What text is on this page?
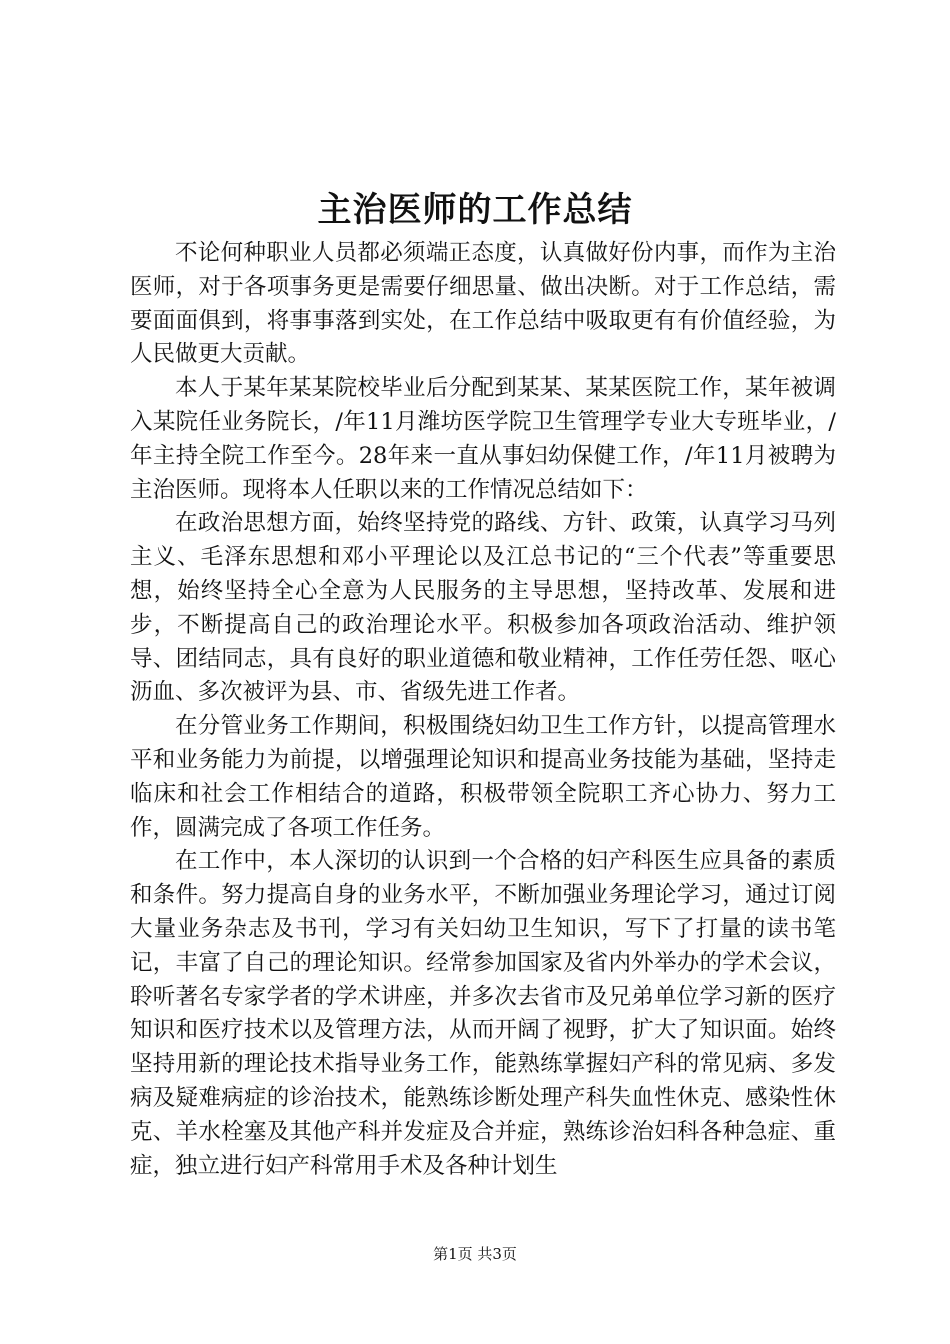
主治医师的工作总结

不论何种职业人员都必须端正态度，认真做好份内事，而作为主治医师，对于各项事务更是需要仔细思量、做出决断。对于工作总结，需要面面俱到，将事事落到实处，在工作总结中吸取更有有价值经验，为人民做更大贡献。

本人于某年某某院校毕业后分配到某某、某某医院工作，某年被调入某院任业务院长，/年11月潍坊医学院卫生管理学专业大专班毕业，/年主持全院工作至今。28年来一直从事妇幼保健工作，/年11月被聘为主治医师。现将本人任职以来的工作情况总结如下：

在政治思想方面，始终坚持党的路线、方针、政策，认真学习马列主义、毛泽东思想和邓小平理论以及江总书记的“三个代表”等重要思想，始终坚持全心全意为人民服务的主导思想，坚持改革、发展和进步，不断提高自己的政治理论水平。积极参加各项政治活动、维护领导、团结同志，具有良好的职业道德和敬业精神，工作任劳任怨、呕心沥血、多次被评为县、市、省级先进工作者。

在分管业务工作期间，积极围绕妇幼卫生工作方针，以提高管理水平和业务能力为前提，以增强理论知识和提高业务技能为基础，坚持走临床和社会工作相结合的道路，积极带领全院职工齐心协力、努力工作，圆满完成了各项工作任务。

在工作中，本人深切的认识到一个合格的妇产科医生应具备的素质和条件。努力提高自身的业务水平，不断加强业务理论学习，通过订阅大量业务杂志及书刊，学习有关妇幼卫生知识，写下了打量的读书笔记，丰富了自己的理论知识。经常参加国家及省内外举办的学术会议，聆听著名专家学者的学术讲座，并多次去省市及兄弟单位学习新的医疗知识和医疗技术以及管理方法，从而开阔了视野，扩大了知识面。始终坚持用新的理论技术指导业务工作，能熟练掌握妇产科的常见病、多发病及疑难病症的诊治技术，能熟练诊断处理产科失血性休克、感染性休克、羊水栓塞及其他产科并发症及合并症，熟练诊治妇科各种急症、重症，独立进行妇产科常用手术及各种计划生

第1页 共3页
